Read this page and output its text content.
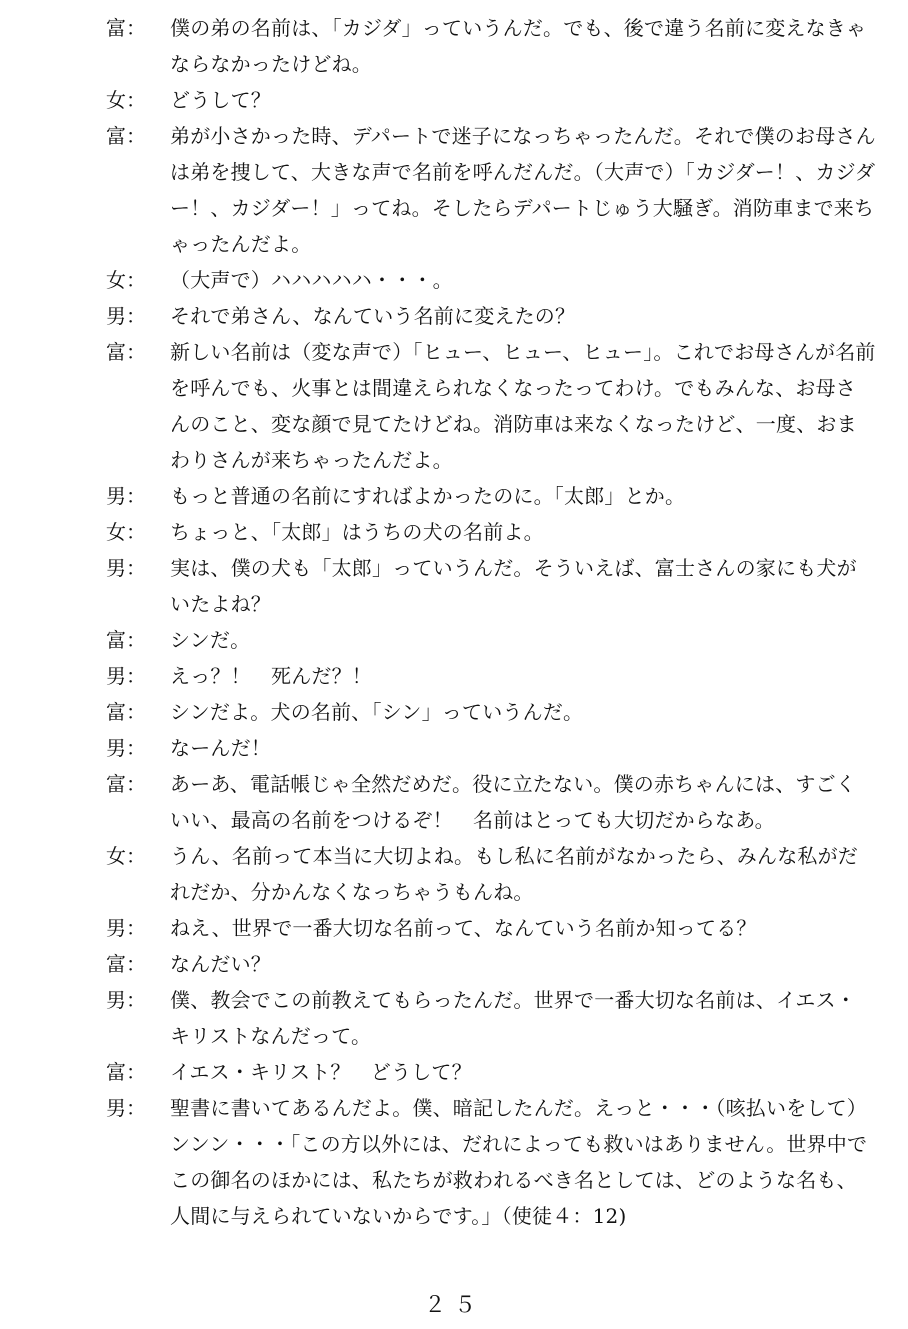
富：	僕の弟の名前は、「カジダ」っていうんだ。でも、後で違う名前に変えなきゃならなかったけどね。
女：	どうして？
富：	弟が小さかった時、デパートで迷子になっちゃったんだ。それで僕のお母さんは弟を捜して、大きな声で名前を呼んだんだ。（大声で）「カジダー！、カジダー！、カジダー！」ってね。そしたらデパートじゅう大騒ぎ。消防車まで来ちゃったんだよ。
女：	（大声で）ハハハハハ・・・。
男：	それで弟さん、なんていう名前に変えたの？
富：	新しい名前は（変な声で）「ヒュー、ヒュー、ヒュー」。これでお母さんが名前を呼んでも、火事とは間違えられなくなったってわけ。でもみんな、お母さんのこと、変な顔で見てたけどね。消防車は来なくなったけど、一度、おまわりさんが来ちゃったんだよ。
男：	もっと普通の名前にすればよかったのに。「太郎」とか。
女：	ちょっと、「太郎」はうちの犬の名前よ。
男：	実は、僕の犬も「太郎」っていうんだ。そういえば、富士さんの家にも犬がいたよね？
富：	シンだ。
男：	えっ？！　死んだ？！
富：	シンだよ。犬の名前、「シン」っていうんだ。
男：	なーんだ！
富：	あーあ、電話帳じゃ全然だめだ。役に立たない。僕の赤ちゃんには、すごくいい、最高の名前をつけるぞ！　名前はとっても大切だからなあ。
女：	うん、名前って本当に大切よね。もし私に名前がなかったら、みんな私がだれだか、分かんなくなっちゃうもんね。
男：	ねえ、世界で一番大切な名前って、なんていう名前か知ってる？
富：	なんだい？
男：	僕、教会でこの前教えてもらったんだ。世界で一番大切な名前は、イエス・キリストなんだって。
富：	イエス・キリスト？　どうして？
男：	聖書に書いてあるんだよ。僕、暗記したんだ。えっと・・・（咳払いをして）ンンン・・・「この方以外には、だれによっても救いはありません。世界中でこの御名のほかには、私たちが救われるべき名としては、どのような名も、人間に与えられていないからです。」（使徒４：12)
２５
